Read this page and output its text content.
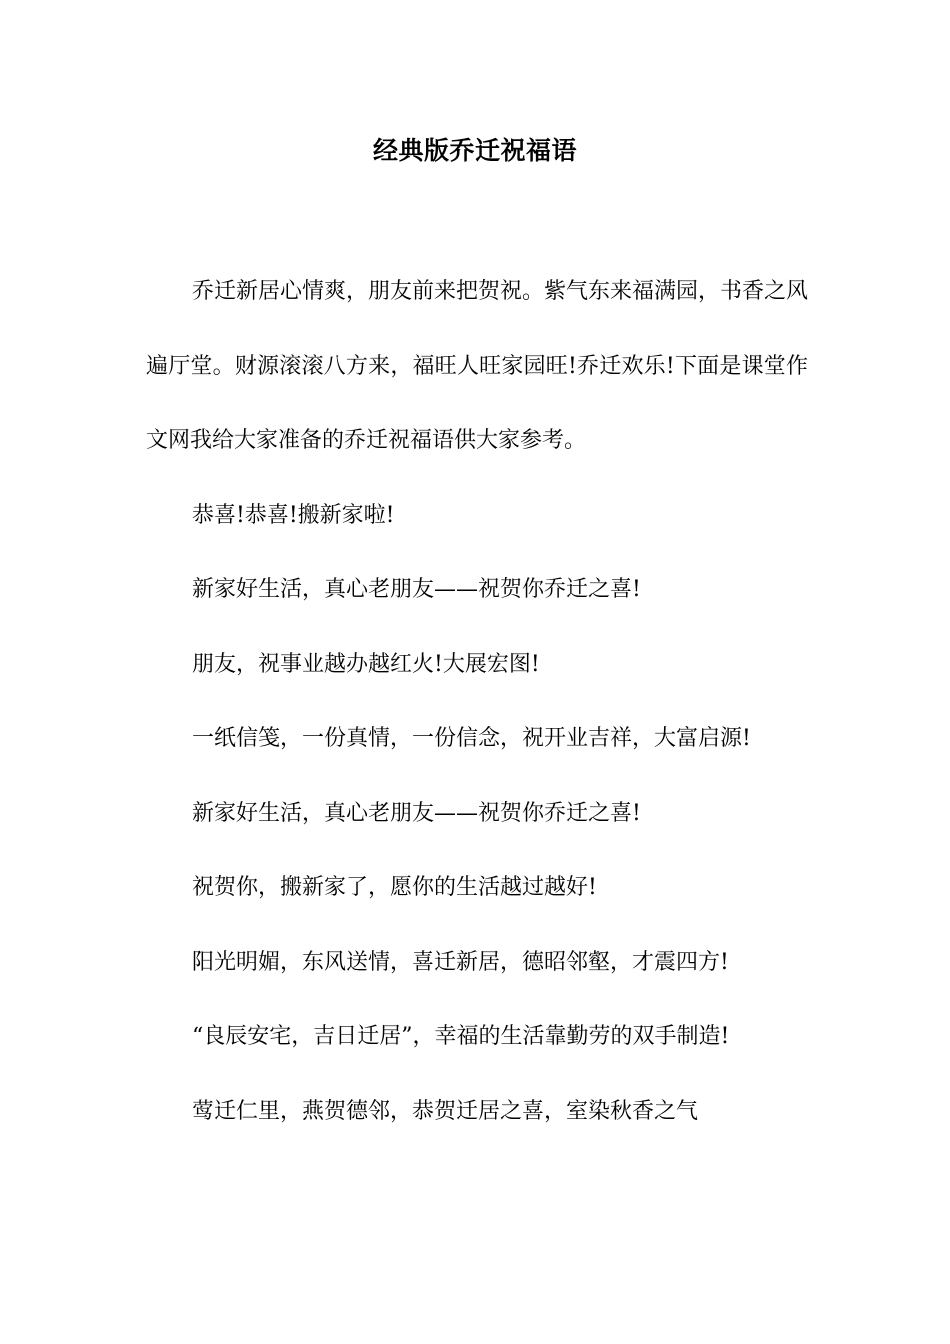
经典版乔迁祝福语

乔迁新居心情爽，朋友前来把贺祝。紫气东来福满园，书香之风遍厅堂。财源滚滚八方来，福旺人旺家园旺!乔迁欢乐!下面是课堂作文网我给大家准备的乔迁祝福语供大家参考。

恭喜!恭喜!搬新家啦!

新家好生活，真心老朋友——祝贺你乔迁之喜!

朋友，祝事业越办越红火!大展宏图!

一纸信笺，一份真情，一份信念，祝开业吉祥，大富启源!

新家好生活，真心老朋友——祝贺你乔迁之喜!

祝贺你，搬新家了，愿你的生活越过越好!

阳光明媚，东风送情，喜迁新居，德昭邻壑，才震四方!

“良辰安宅，吉日迁居”，幸福的生活靠勤劳的双手制造!

莺迁仁里，燕贺德邻，恭贺迁居之喜，室染秋香之气
